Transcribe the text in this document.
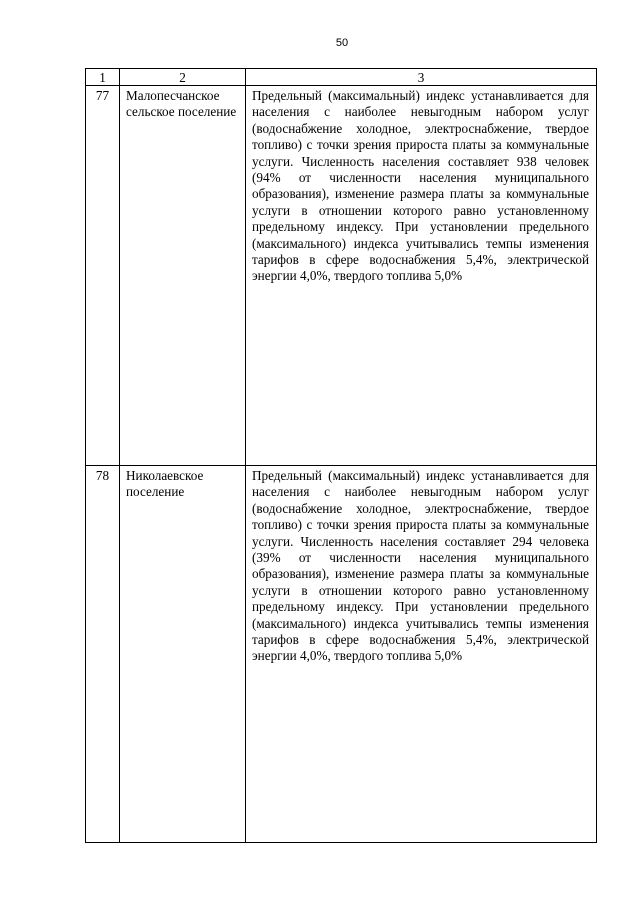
50
1	2	3
77	Малопесчанское сельское поселение	Предельный (максимальный) индекс устанавливается для населения с наиболее невыгодным набором услуг (водоснабжение холодное, электроснабжение, твердое топливо) с точки зрения прироста платы за коммунальные услуги. Численность населения составляет 938 человек (94% от численности населения муниципального образования), изменение размера платы за коммунальные услуги в отношении которого равно установленному предельному индексу. При установлении предельного (максимального) индекса учитывались темпы изменения тарифов в сфере водоснабжения 5,4%, электрической энергии 4,0%, твердого топлива 5,0%

78	Николаевское поселение	Предельный (максимальный) индекс устанавливается для населения с наиболее невыгодным набором услуг (водоснабжение холодное, электроснабжение, твердое топливо) с точки зрения прироста платы за коммунальные услуги. Численность населения составляет 294 человека (39% от численности населения муниципального образования), изменение размера платы за коммунальные услуги в отношении которого равно установленному предельному индексу. При установлении предельного (максимального) индекса учитывались темпы изменения тарифов в сфере водоснабжения 5,4%, электрической энергии 4,0%, твердого топлива 5,0%
